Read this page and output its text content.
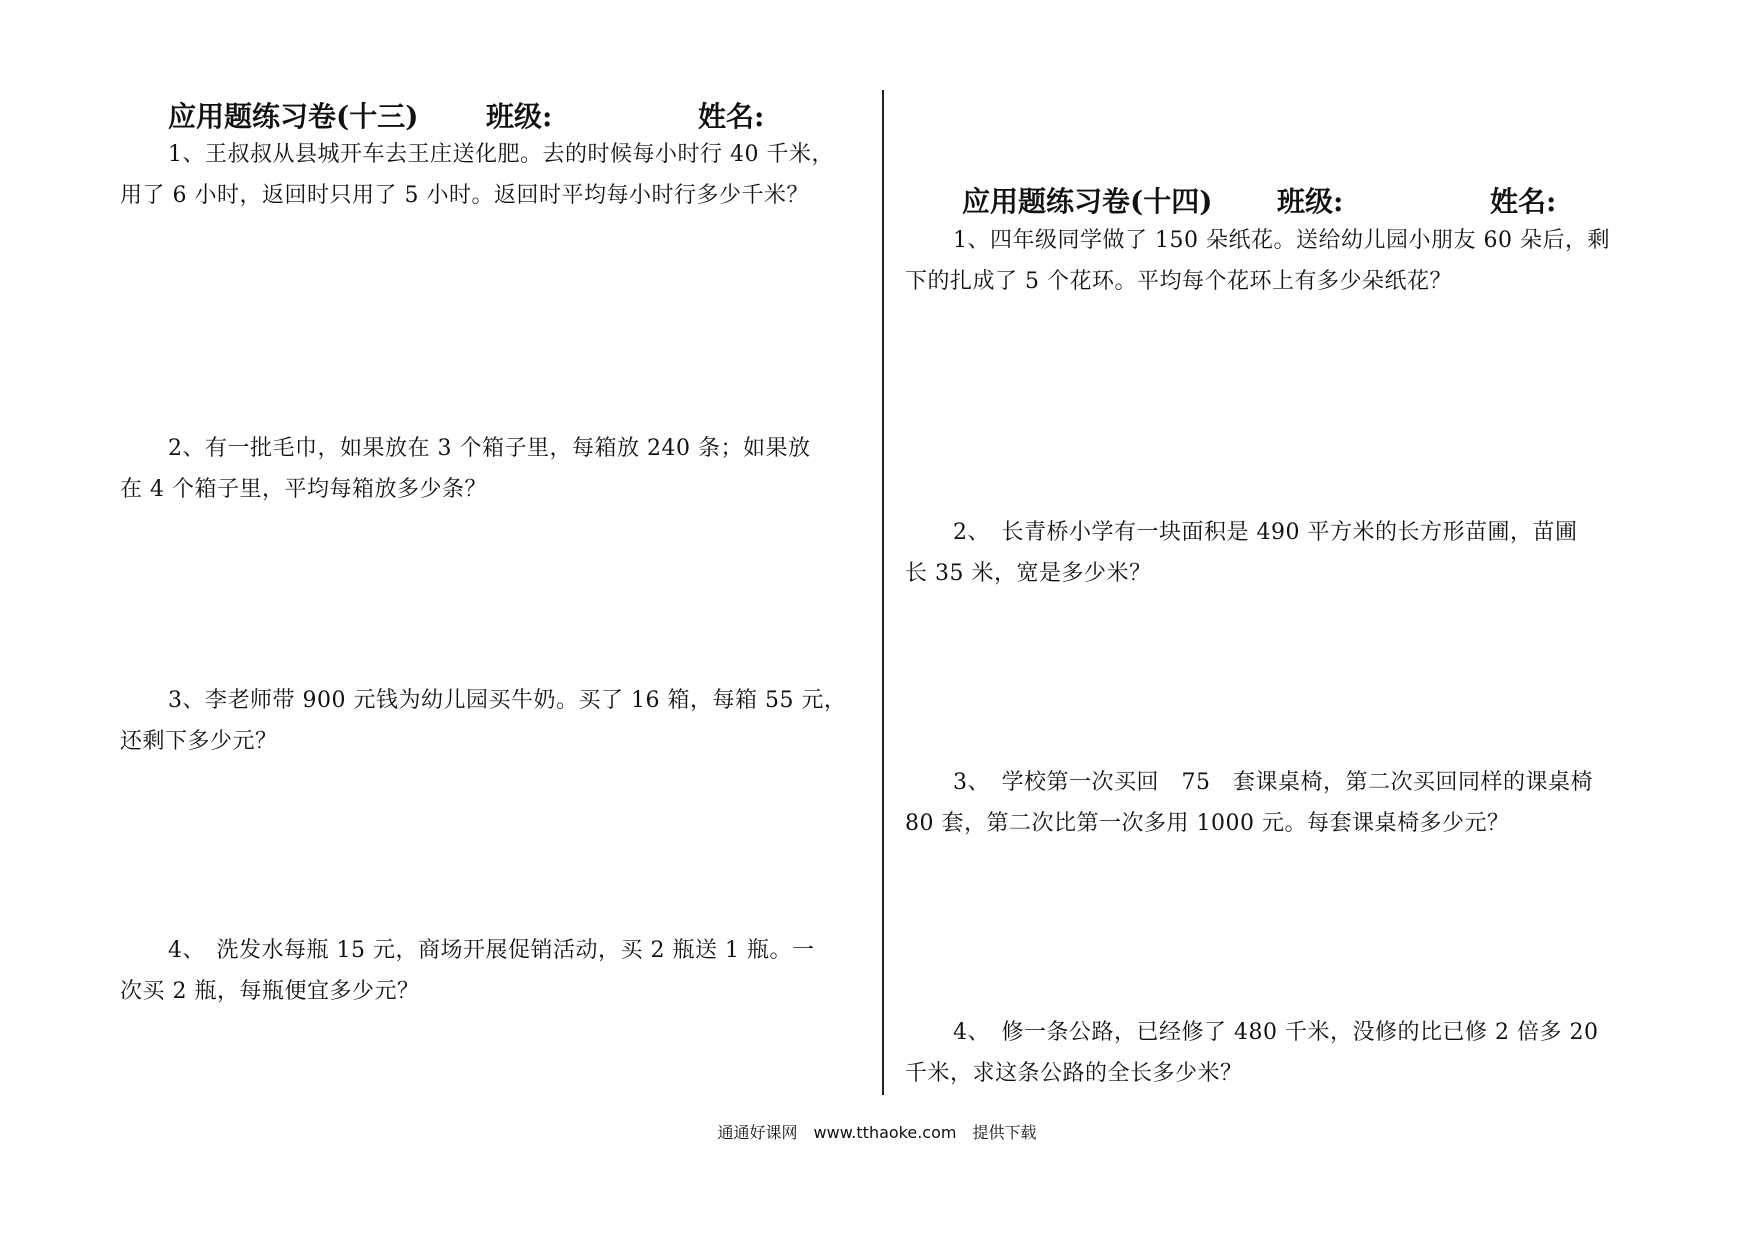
应用题练习卷(十三) 班级:	姓名:
1、王叔叔从县城开车去王庄送化肥。去的时候每小时行 40 千米，
用了 6 小时，返回时只用了 5 小时。返回时平均每小时行多少千米？
2、有一批毛巾，如果放在 3 个箱子里，每箱放 240 条；如果放
在 4 个箱子里，平均每箱放多少条？
3、李老师带 900 元钱为幼儿园买牛奶。买了 16 箱，每箱 55 元，
还剩下多少元？
4、　洗发水每瓶 15 元，商场开展促销活动，买 2 瓶送 1 瓶。一
次买 2 瓶，每瓶便宜多少元？
应用题练习卷(十四) 班级:	姓名:
1、四年级同学做了 150 朵纸花。送给幼儿园小朋友 60 朵后，剩
下的扎成了 5 个花环。平均每个花环上有多少朵纸花？
2、　长青桥小学有一块面积是 490 平方米的长方形苗圃，苗圃
长 35 米，宽是多少米？
3、　学校第一次买回　75　套课桌椅，第二次买回同样的课桌椅
80 套，第二次比第一次多用 1000 元。每套课桌椅多少元？
4、　修一条公路，已经修了 480 千米，没修的比已修 2 倍多 20
千米，求这条公路的全长多少米？
通通好课网　www.tthaoke.com　提供下载
